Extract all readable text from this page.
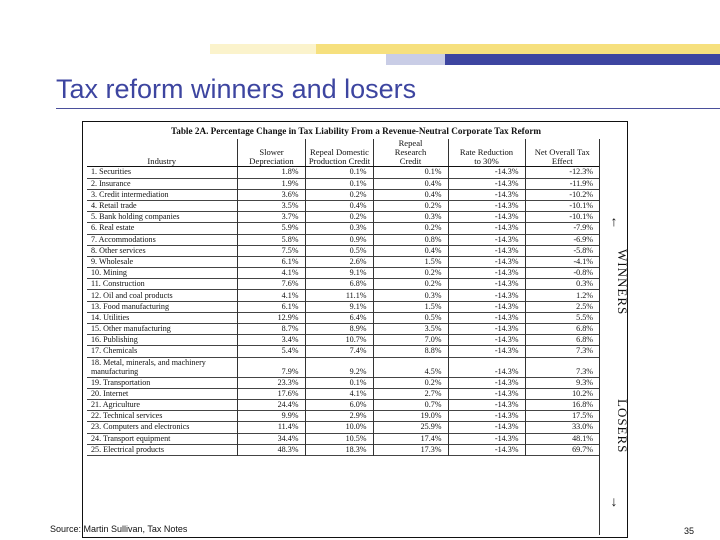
Tax reform winners and losers
Table 2A. Percentage Change in Tax Liability From a Revenue-Neutral Corporate Tax Reform
Industry	Slower Depreciation	Repeal Domestic Production Credit	Repeal Research Credit	Rate Reduction to 30%	Net Overall Tax Effect

1. Securities	1.8%	0.1%	0.1%	-14.3%	-12.3%
2. Insurance	1.9%	0.1%	0.4%	-14.3%	-11.9%
3. Credit intermediation	3.6%	0.2%	0.4%	-14.3%	-10.2%
4. Retail trade	3.5%	0.4%	0.2%	-14.3%	-10.1%
5. Bank holding companies	3.7%	0.2%	0.3%	-14.3%	-10.1%
6. Real estate	5.9%	0.3%	0.2%	-14.3%	-7.9%
7. Accommodations	5.8%	0.9%	0.8%	-14.3%	-6.9%
8. Other services	7.5%	0.5%	0.4%	-14.3%	-5.8%
9. Wholesale	6.1%	2.6%	1.5%	-14.3%	-4.1%
10. Mining	4.1%	9.1%	0.2%	-14.3%	-0.8%
11. Construction	7.6%	6.8%	0.2%	-14.3%	0.3%
12. Oil and coal products	4.1%	11.1%	0.3%	-14.3%	1.2%
13. Food manufacturing	6.1%	9.1%	1.5%	-14.3%	2.5%
14. Utilities	12.9%	6.4%	0.5%	-14.3%	5.5%
15. Other manufacturing	8.7%	8.9%	3.5%	-14.3%	6.8%
16. Publishing	3.4%	10.7%	7.0%	-14.3%	6.8%
17. Chemicals	5.4%	7.4%	8.8%	-14.3%	7.3%
18. Metal, minerals, and machinery manufacturing	7.9%	9.2%	4.5%	-14.3%	7.3%
19. Transportation	23.3%	0.1%	0.2%	-14.3%	9.3%
20. Internet	17.6%	4.1%	2.7%	-14.3%	10.2%
21. Agriculture	24.4%	6.0%	0.7%	-14.3%	16.8%
22. Technical services	9.9%	2.9%	19.0%	-14.3%	17.5%
23. Computers and electronics	11.4%	10.0%	25.9%	-14.3%	33.0%
24. Transport equipment	34.4%	10.5%	17.4%	-14.3%	48.1%
25. Electrical products	48.3%	18.3%	17.3%	-14.3%	69.7%
↑
WINNERS
LOSERS
↓
Source: Martin Sullivan, Tax Notes	35
